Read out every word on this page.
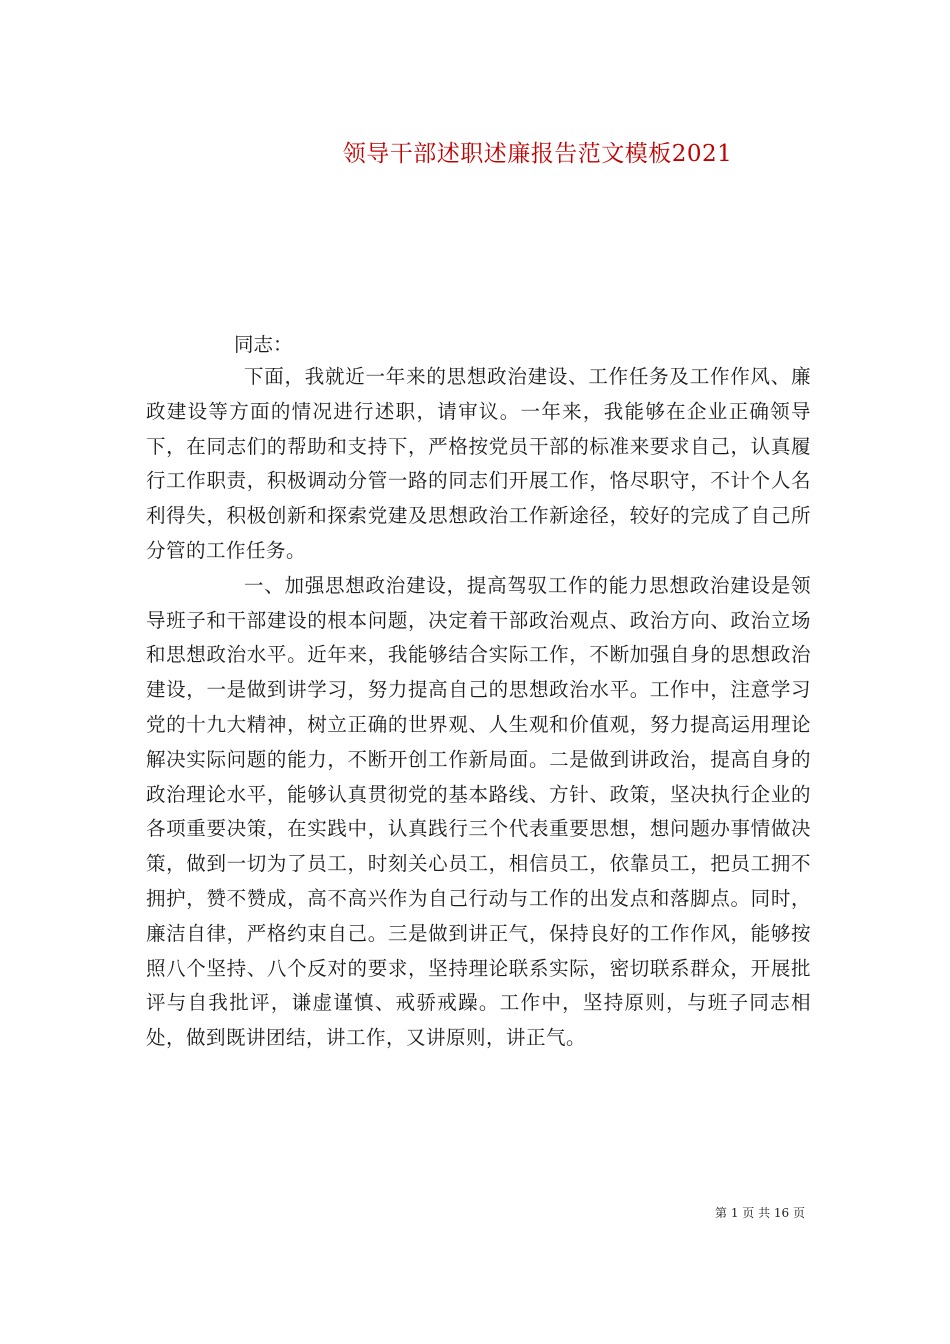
领导干部述职述廉报告范文模板2021

同志：

下面，我就近一年来的思想政治建设、工作任务及工作作风、廉政建设等方面的情况进行述职，请审议。一年来，我能够在企业正确领导下，在同志们的帮助和支持下，严格按党员干部的标准来要求自己，认真履行工作职责，积极调动分管一路的同志们开展工作，恪尽职守，不计个人名利得失，积极创新和探索党建及思想政治工作新途径，较好的完成了自己所分管的工作任务。

一、加强思想政治建设，提高驾驭工作的能力思想政治建设是领导班子和干部建设的根本问题，决定着干部政治观点、政治方向、政治立场和思想政治水平。近年来，我能够结合实际工作，不断加强自身的思想政治建设，一是做到讲学习，努力提高自己的思想政治水平。工作中，注意学习党的十九大精神，树立正确的世界观、人生观和价值观，努力提高运用理论解决实际问题的能力，不断开创工作新局面。二是做到讲政治，提高自身的政治理论水平，能够认真贯彻党的基本路线、方针、政策，坚决执行企业的各项重要决策，在实践中，认真践行三个代表重要思想，想问题办事情做决策，做到一切为了员工，时刻关心员工，相信员工，依靠员工，把员工拥不拥护，赞不赞成，高不高兴作为自己行动与工作的出发点和落脚点。同时，廉洁自律，严格约束自己。三是做到讲正气，保持良好的工作作风，能够按照八个坚持、八个反对的要求，坚持理论联系实际，密切联系群众，开展批评与自我批评，谦虚谨慎、戒骄戒躁。工作中，坚持原则，与班子同志相处，做到既讲团结，讲工作，又讲原则，讲正气。

第 1 页 共 16 页
